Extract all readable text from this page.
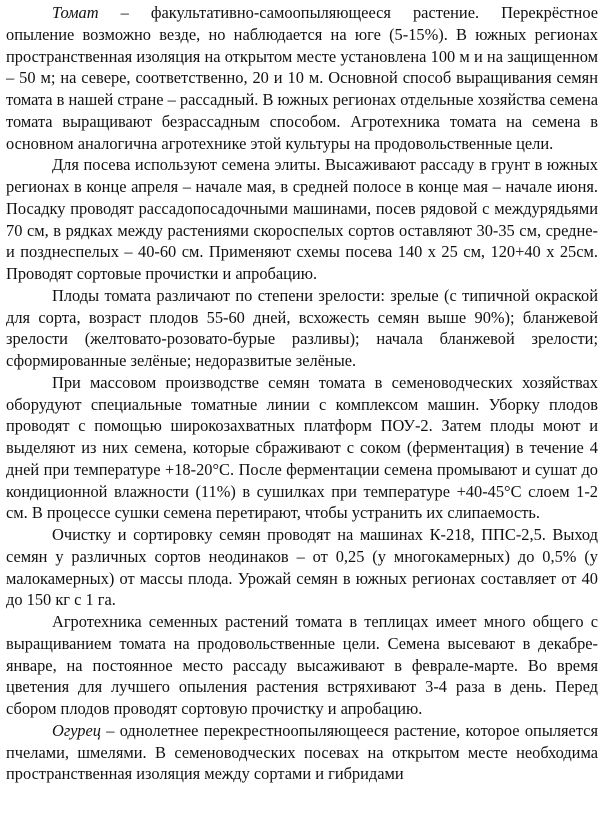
Томат – факультативно-самоопыляющееся растение. Перекрёстное опыление возможно везде, но наблюдается на юге (5-15%). В южных регионах пространственная изоляция на открытом месте установлена 100 м и на защищенном – 50 м; на севере, соответственно, 20 и 10 м. Основной способ выращивания семян томата в нашей стране – рассадный. В южных регионах отдельные хозяйства семена томата выращивают безрассадным способом. Агротехника томата на семена в основном аналогична агротехнике этой культуры на продовольственные цели.

Для посева используют семена элиты. Высаживают рассаду в грунт в южных регионах в конце апреля – начале мая, в средней полосе в конце мая – начале июня. Посадку проводят рассадопосадочными машинами, посев рядовой с междурядьями 70 см, в рядках между растениями скороспелых сортов оставляют 30-35 см, средне- и позднеспелых – 40-60 см. Применяют схемы посева 140 х 25 см, 120+40 х 25см. Проводят сортовые прочистки и апробацию.

Плоды томата различают по степени зрелости: зрелые (с типичной окраской для сорта, возраст плодов 55-60 дней, всхожесть семян выше 90%); бланжевой зрелости (желтовато-розовато-бурые разливы); начала бланжевой зрелости; сформированные зелёные; недоразвитые зелёные.

При массовом производстве семян томата в семеноводческих хозяйствах оборудуют специальные томатные линии с комплексом машин. Уборку плодов проводят с помощью широкозахватных платформ ПОУ-2. Затем плоды моют и выделяют из них семена, которые сбраживают с соком (ферментация) в течение 4 дней при температуре +18-20°С. После ферментации семена промывают и сушат до кондиционной влажности (11%) в сушилках при температуре +40-45°С слоем 1-2 см. В процессе сушки семена перетирают, чтобы устранить их слипаемость.

Очистку и сортировку семян проводят на машинах К-218, ППС-2,5. Выход семян у различных сортов неодинаков – от 0,25 (у многокамерных) до 0,5% (у малокамерных) от массы плода. Урожай семян в южных регионах составляет от 40 до 150 кг с 1 га.

Агротехника семенных растений томата в теплицах имеет много общего с выращиванием томата на продовольственные цели. Семена высевают в декабре-январе, на постоянное место рассаду высаживают в феврале-марте. Во время цветения для лучшего опыления растения встряхивают 3-4 раза в день. Перед сбором плодов проводят сортовую прочистку и апробацию.

Огурец – однолетнее перекрестноопыляющееся растение, которое опыляется пчелами, шмелями. В семеноводческих посевах на открытом месте необходима пространственная изоляция между сортами и гибридами
